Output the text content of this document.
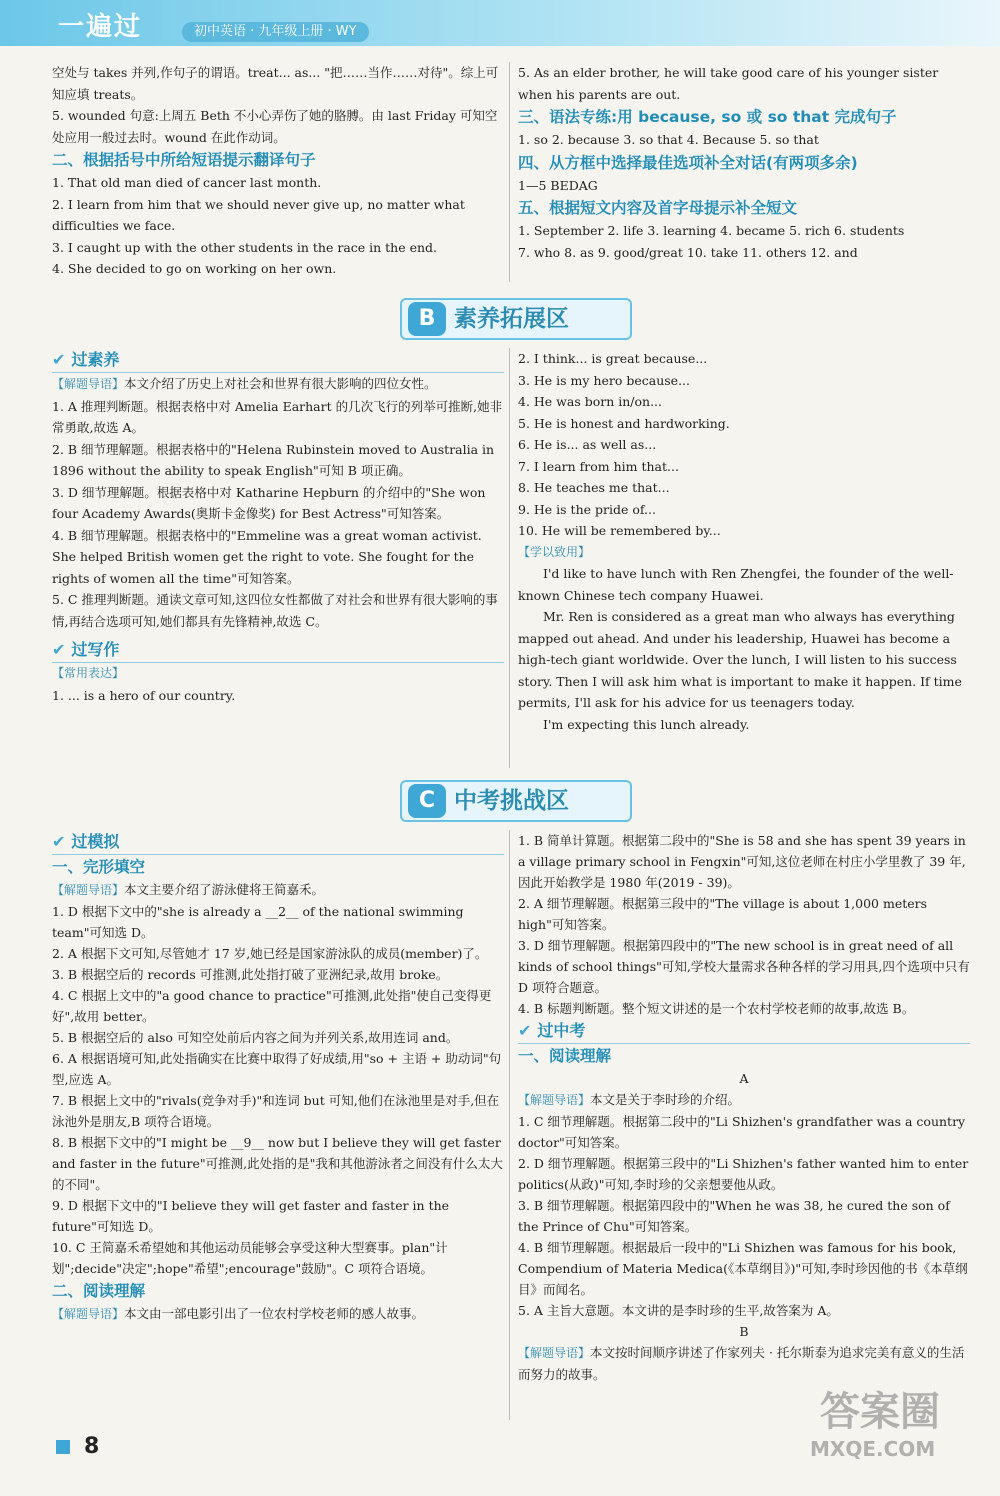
一遍过	初中英语 · 九年级上册 · WY

空处与 takes 并列,作句子的谓语。treat... as... "把……当作……对待"。综上可知应填 treats。

5. wounded 句意:上周五 Beth 不小心弄伤了她的胳膊。由 last Friday 可知空处应用一般过去时。wound 在此作动词。

二、根据括号中所给短语提示翻译句子

1. That old man died of cancer last month.

2. I learn from him that we should never give up, no matter what difficulties we face.

3. I caught up with the other students in the race in the end.

4. She decided to go on working on her own.

5. As an elder brother, he will take good care of his younger sister when his parents are out.

三、语法专练:用 because, so 或 so that 完成句子

1. so 2. because 3. so that 4. Because 5. so that

四、从方框中选择最佳选项补全对话(有两项多余)

1—5 BEDAG

五、根据短文内容及首字母提示补全短文

1. September 2. life 3. learning 4. became 5. rich 6. students

7. who 8. as 9. good/great 10. take 11. others 12. and

B 素养拓展区
✔ 过素养

【解题导语】本文介绍了历史上对社会和世界有很大影响的四位女性。

1. A 推理判断题。根据表格中对 Amelia Earhart 的几次飞行的列举可推断,她非常勇敢,故选 A。

2. B 细节理解题。根据表格中的"Helena Rubinstein moved to Australia in 1896 without the ability to speak English"可知 B 项正确。

3. D 细节理解题。根据表格中对 Katharine Hepburn 的介绍中的"She won four Academy Awards(奥斯卡金像奖) for Best Actress"可知答案。

4. B 细节理解题。根据表格中的"Emmeline was a great woman activist. She helped British women get the right to vote. She fought for the rights of women all the time"可知答案。

5. C 推理判断题。通读文章可知,这四位女性都做了对社会和世界有很大影响的事情,再结合选项可知,她们都具有先锋精神,故选 C。

✔ 过写作

【常用表达】

1. ... is a hero of our country.

2. I think... is great because...

3. He is my hero because...

4. He was born in/on...

5. He is honest and hardworking.

6. He is... as well as...

7. I learn from him that...

8. He teaches me that...

9. He is the pride of...

10. He will be remembered by...

【学以致用】

I'd like to have lunch with Ren Zhengfei, the founder of the well-known Chinese tech company Huawei.

Mr. Ren is considered as a great man who always has everything mapped out ahead. And under his leadership, Huawei has become a high-tech giant worldwide. Over the lunch, I will listen to his success story. Then I will ask him what is important to make it happen. If time permits, I'll ask for his advice for us teenagers today.

I'm expecting this lunch already.

C 中考挑战区
✔ 过模拟

一、完形填空

【解题导语】本文主要介绍了游泳健将王简嘉禾。

1. D 根据下文中的"she is already a __2__ of the national swimming team"可知选 D。

2. A 根据下文可知,尽管她才 17 岁,她已经是国家游泳队的成员(member)了。

3. B 根据空后的 records 可推测,此处指打破了亚洲纪录,故用 broke。

4. C 根据上文中的"a good chance to practice"可推测,此处指"使自己变得更好",故用 better。

5. B 根据空后的 also 可知空处前后内容之间为并列关系,故用连词 and。

6. A 根据语境可知,此处指确实在比赛中取得了好成绩,用"so + 主语 + 助动词"句型,应选 A。

7. B 根据上文中的"rivals(竞争对手)"和连词 but 可知,他们在泳池里是对手,但在泳池外是朋友,B 项符合语境。

8. B 根据下文中的"I might be __9__ now but I believe they will get faster and faster in the future"可推测,此处指的是"我和其他游泳者之间没有什么太大的不同"。

9. D 根据下文中的"I believe they will get faster and faster in the future"可知选 D。

10. C 王简嘉禾希望她和其他运动员能够会享受这种大型赛事。plan"计划";decide"决定";hope"希望";encourage"鼓励"。C 项符合语境。

二、阅读理解

【解题导语】本文由一部电影引出了一位农村学校老师的感人故事。

1. B 简单计算题。根据第二段中的"She is 58 and she has spent 39 years in a village primary school in Fengxin"可知,这位老师在村庄小学里教了 39 年,因此开始教学是 1980 年(2019 - 39)。

2. A 细节理解题。根据第三段中的"The village is about 1,000 meters high"可知答案。

3. D 细节理解题。根据第四段中的"The new school is in great need of all kinds of school things"可知,学校大量需求各种各样的学习用具,四个选项中只有 D 项符合题意。

4. B 标题判断题。整个短文讲述的是一个农村学校老师的故事,故选 B。

✔ 过中考

一、阅读理解

A

【解题导语】本文是关于李时珍的介绍。

1. C 细节理解题。根据第二段中的"Li Shizhen's grandfather was a country doctor"可知答案。

2. D 细节理解题。根据第三段中的"Li Shizhen's father wanted him to enter politics(从政)"可知,李时珍的父亲想要他从政。

3. B 细节理解题。根据第四段中的"When he was 38, he cured the son of the Prince of Chu"可知答案。

4. B 细节理解题。根据最后一段中的"Li Shizhen was famous for his book, Compendium of Materia Medica(《本草纲目》)"可知,李时珍因他的书《本草纲目》而闻名。

5. A 主旨大意题。本文讲的是李时珍的生平,故答案为 A。

B

【解题导语】本文按时间顺序讲述了作家列夫 · 托尔斯泰为追求完美有意义的生活而努力的故事。

8
答案圈
MXQE.COM
